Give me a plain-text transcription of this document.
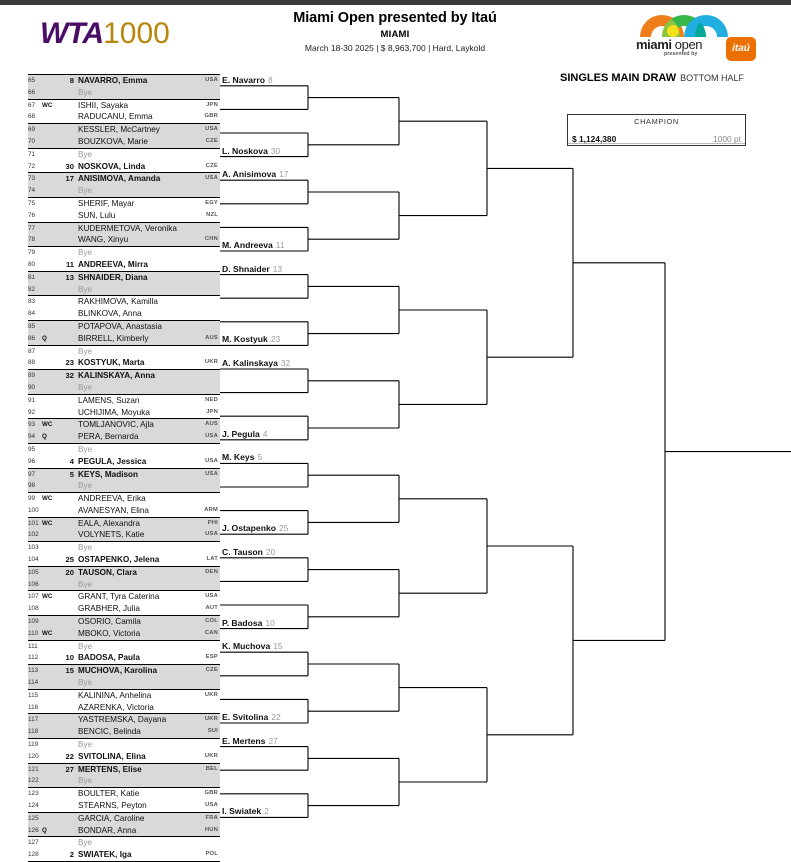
WTA1000	Miami Open presented by Itaú
MIAMI
March 18-30 2025 | $ 8,963,700 | Hard, Laykold	miami open
presented by	itaú
SINGLES MAIN DRAW BOTTOM HALF
CHAMPION
$ 1,124,380	1000 pt
E. Navarro 8
L. Noskova 30
A. Anisimova 17
M. Andreeva 11
D. Shnaider 13
M. Kostyuk 23
A. Kalinskaya 32
J. Pegula 4
M. Keys 5
J. Ostapenko 25
C. Tauson 20
P. Badosa 10
K. Muchova 15
E. Svitolina 22
E. Mertens 27
I. Swiatek 2
65	8 NAVARRO, Emma	USA
66	Bye
67	WC	ISHII, Sayaka	JPN
68	RADUCANU, Emma	GBR
69	KESSLER, McCartney	USA
70	BOUZKOVA, Marie	CZE
71	Bye
72	30 NOSKOVA, Linda	CZE
73	17 ANISIMOVA, Amanda	USA
74	Bye
75	SHERIF, Mayar	EGY
76	SUN, Lulu	NZL
77	KUDERMETOVA, Veronika
78	WANG, Xinyu	CHN
79	Bye
80	11 ANDREEVA, Mirra
81	13 SHNAIDER, Diana
82	Bye
83	RAKHIMOVA, Kamilla
84	BLINKOVA, Anna
85	POTAPOVA, Anastasia
86	Q	BIRRELL, Kimberly	AUS
87	Bye
88	23 KOSTYUK, Marta	UKR
89	32 KALINSKAYA, Anna
90	Bye
91	LAMENS, Suzan	NED
92	UCHIJIMA, Moyuka	JPN
93	WC	TOMLJANOVIC, Ajla	AUS
94	Q	PERA, Bernarda	USA
95	Bye
96	4 PEGULA, Jessica	USA
97	5 KEYS, Madison	USA
98	Bye
99	WC	ANDREEVA, Erika
100	AVANESYAN, Elina	ARM
101 WC	EALA, Alexandra	PHI
102	VOLYNETS, Katie	USA
103	Bye
104	25 OSTAPENKO, Jelena	LAT
105	20 TAUSON, Clara	DEN
106	Bye
107 WC	GRANT, Tyra Caterina	USA
108	GRABHER, Julia	AUT
109	OSORIO, Camila	COL
110 WC	MBOKO, Victoria	CAN
111	Bye
112	10 BADOSA, Paula	ESP
113	15 MUCHOVA, Karolina	CZE
114	Bye
115	KALININA, Anhelina	UKR
116	AZARENKA, Victoria
117	YASTREMSKA, Dayana	UKR
118	BENCIC, Belinda	SUI
119	Bye
120	22 SVITOLINA, Elina	UKR
121	27 MERTENS, Elise	BEL
122	Bye
123	BOULTER, Katie	GBR
124	STEARNS, Peyton	USA
125	GARCIA, Caroline	FRA
126 Q	BONDAR, Anna	HUN
127	Bye
128	2 SWIATEK, Iga	POL
